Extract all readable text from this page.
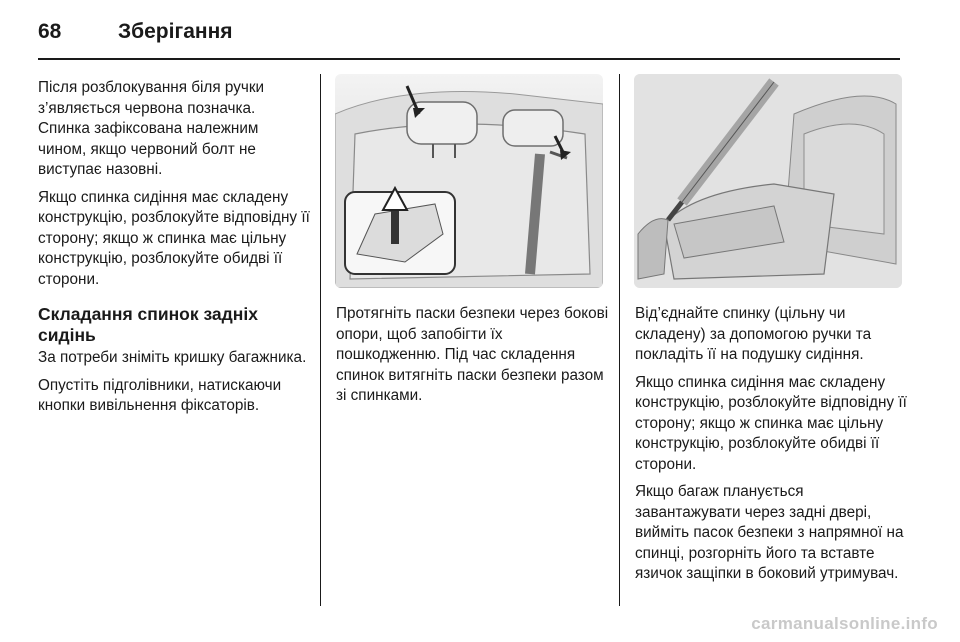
68	Зберігання

Після розблокування біля ручки з’являється червона позначка. Спинка зафіксована належним чином, якщо червоний болт не виступає назовні.

Якщо спинка сидіння має складену конструкцію, розблокуйте відповідну її сторону; якщо ж спинка має цільну конструкцію, розблокуйте обидві її сторони.

Складання спинок задніх сидінь

За потреби зніміть кришку багажника.

Опустіть підголівники, натискаючи кнопки вивільнення фіксаторів.

Протягніть паски безпеки через бокові опори, щоб запобігти їх пошкодженню. Під час складення спинок витягніть паски безпеки разом зі спинками.

Від’єднайте спинку (цільну чи складену) за допомогою ручки та покладіть її на подушку сидіння.

Якщо спинка сидіння має складену конструкцію, розблокуйте відповідну її сторону; якщо ж спинка має цільну конструкцію, розблокуйте обидві її сторони.

Якщо багаж планується завантажувати через задні двері, вийміть пасок безпеки з напрямної на спинці, розгорніть його та вставте язичок защіпки в боковий утримувач.

carmanualsonline.info
